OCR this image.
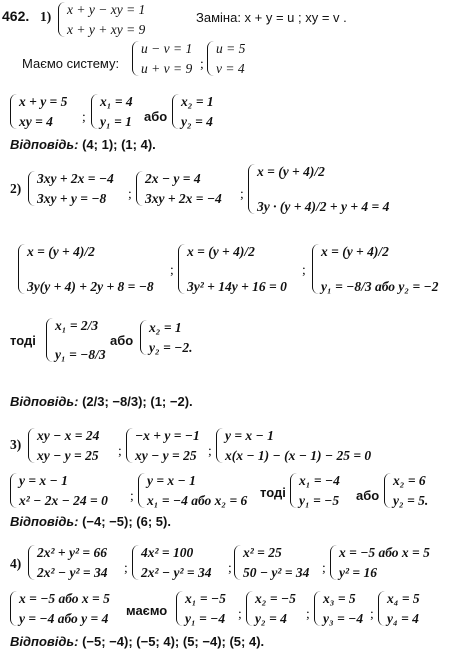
462. 1)	x + y − xy = 1
x + y + xy = 9
Заміна: x + y = u ; xy = v .
Маємо систему:
u − v = 1
u + v = 9 ;
u = 5
v = 4
x + y = 5
xy = 4	;
x₁ = 4
y₁ = 1 або
x₂ = 1
y₂ = 4
Відповідь: (4; 1); (1; 4).
2)
3xy + 2x = −4
3xy + y = −8	;
2x − y = 4
3xy + 2x = −4 ;
x = (y + 4)/2
3y · (y + 4)/2 + y + 4 = 4
x = (y + 4)/2
3y(y + 4) + 2y + 8 = −8
;
x = (y + 4)/2
3y² + 14y + 16 = 0
;
x = (y + 4)/2
y₁ = −8/3 або y₂ = −2
тоді
x₁ = 2/3
y₁ = −8/3
або
x₂ = 1
y₂ = −2.
Відповідь: (2/3; −8/3); (1; −2).
3)
xy − x = 24
xy − y = 25 ;
−x + y = −1
xy − y = 25 ;
y = x − 1
x(x − 1) − (x − 1) − 25 = 0
y = x − 1
x² − 2x − 24 = 0 ;
y = x − 1
x₁ = −4 або x₂ = 6
тоді
x₁ = −4
y₁ = −5 або
x₂ = 6
y₂ = 5.
Відповідь: (−4; −5); (6; 5).
4)
2x² + y² = 66
2x² − y² = 34 ;
4x² = 100
2x² − y² = 34 ;
x² = 25
50 − y² = 34 ;
x = −5 або x = 5
y² = 16
x = −5 або x = 5
y = −4 або y = 4
маємо
x₁ = −5
y₁ = −4 ;
x₂ = −5
y₂ = 4	;
x₃ = 5
y₃ = −4 ;
x₄ = 5
y₄ = 4
Відповідь: (−5; −4); (−5; 4); (5; −4); (5; 4).
